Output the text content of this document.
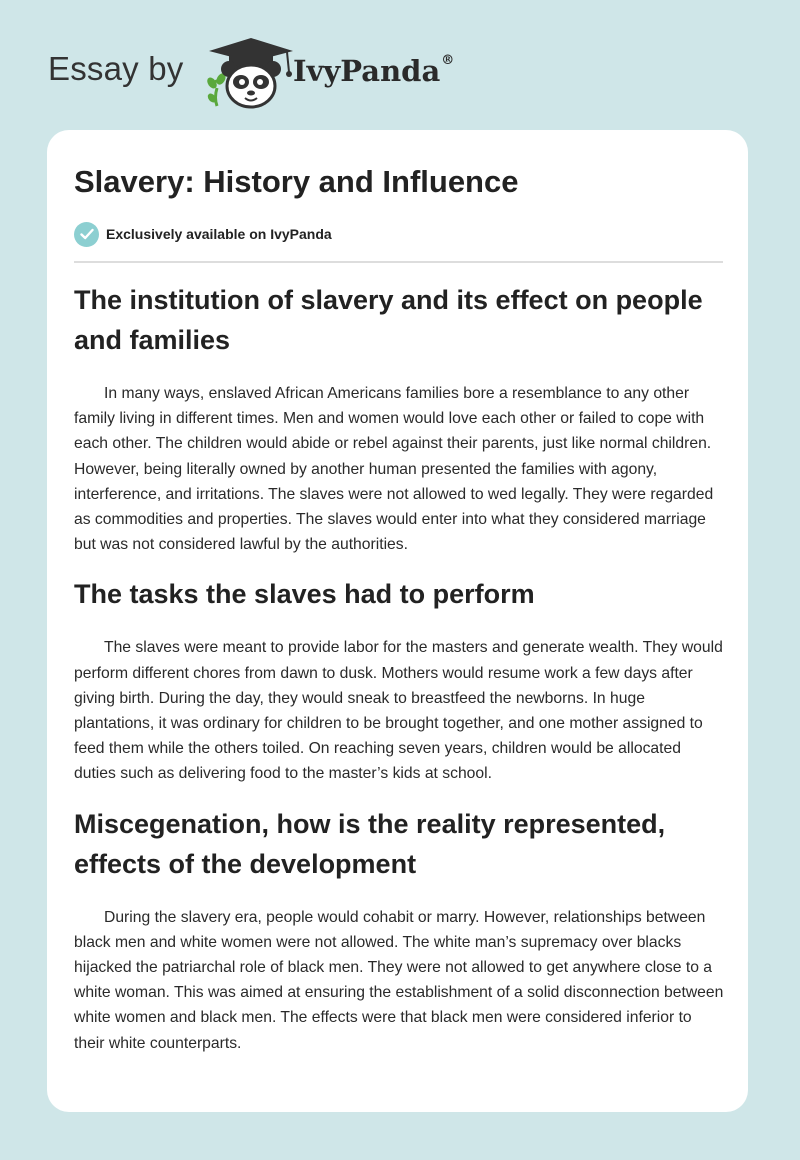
Essay by	IvyPanda®
Slavery: History and Influence
Exclusively available on IvyPanda
The institution of slavery and its effect on people and families

In many ways, enslaved African Americans families bore a resemblance to any other family living in different times. Men and women would love each other or failed to cope with each other. The children would abide or rebel against their parents, just like normal children. However, being literally owned by another human presented the families with agony, interference, and irritations. The slaves were not allowed to wed legally. They were regarded as commodities and properties. The slaves would enter into what they considered marriage but was not considered lawful by the authorities.

The tasks the slaves had to perform

The slaves were meant to provide labor for the masters and generate wealth. They would perform different chores from dawn to dusk. Mothers would resume work a few days after giving birth. During the day, they would sneak to breastfeed the newborns. In huge plantations, it was ordinary for children to be brought together, and one mother assigned to feed them while the others toiled. On reaching seven years, children would be allocated duties such as delivering food to the master’s kids at school.

Miscegenation, how is the reality represented, effects of the development

During the slavery era, people would cohabit or marry. However, relationships between black men and white women were not allowed. The white man’s supremacy over blacks hijacked the patriarchal role of black men. They were not allowed to get anywhere close to a white woman. This was aimed at ensuring the establishment of a solid disconnection between white women and black men. The effects were that black men were considered inferior to their white counterparts.
